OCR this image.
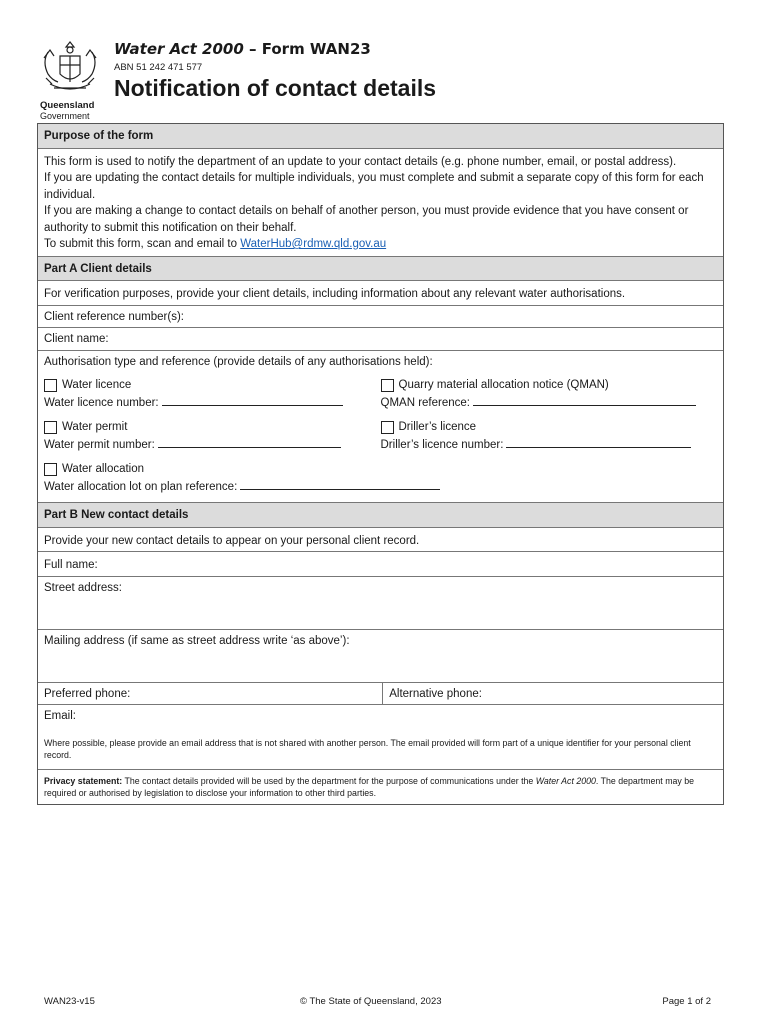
Queensland
Government
Water Act 2000 – Form WAN23
ABN 51 242 471 577
Notification of contact details
Purpose of the form

This form is used to notify the department of an update to your contact details (e.g. phone number, email, or postal address).

If you are updating the contact details for multiple individuals, you must complete and submit a separate copy of this form for each individual.

If you are making a change to contact details on behalf of another person, you must provide evidence that you have consent or authority to submit this notification on their behalf.

To submit this form, scan and email to WaterHub@rdmw.qld.gov.au

Part A Client details
For verification purposes, provide your client details, including information about any relevant water authorisations.
Client reference number(s):
Client name:
Authorisation type and reference (provide details of any authorisations held):
Water licence
Water licence number:
Quarry material allocation notice (QMAN)
QMAN reference:
Water permit
Water permit number:
Driller’s licence
Driller’s licence number:
Water allocation
Water allocation lot on plan reference:
Part B New contact details
Provide your new contact details to appear on your personal client record.
Full name:
Street address:
Mailing address (if same as street address write ‘as above’):
Preferred phone:	Alternative phone:
Email:
Where possible, please provide an email address that is not shared with another person. The email provided will form part of a unique identifier for your personal client record.
Privacy statement: The contact details provided will be used by the department for the purpose of communications under the Water Act 2000. The department may be required or authorised by legislation to disclose your information to other third parties.
WAN23-v15	© The State of Queensland, 2023	Page 1 of 2
